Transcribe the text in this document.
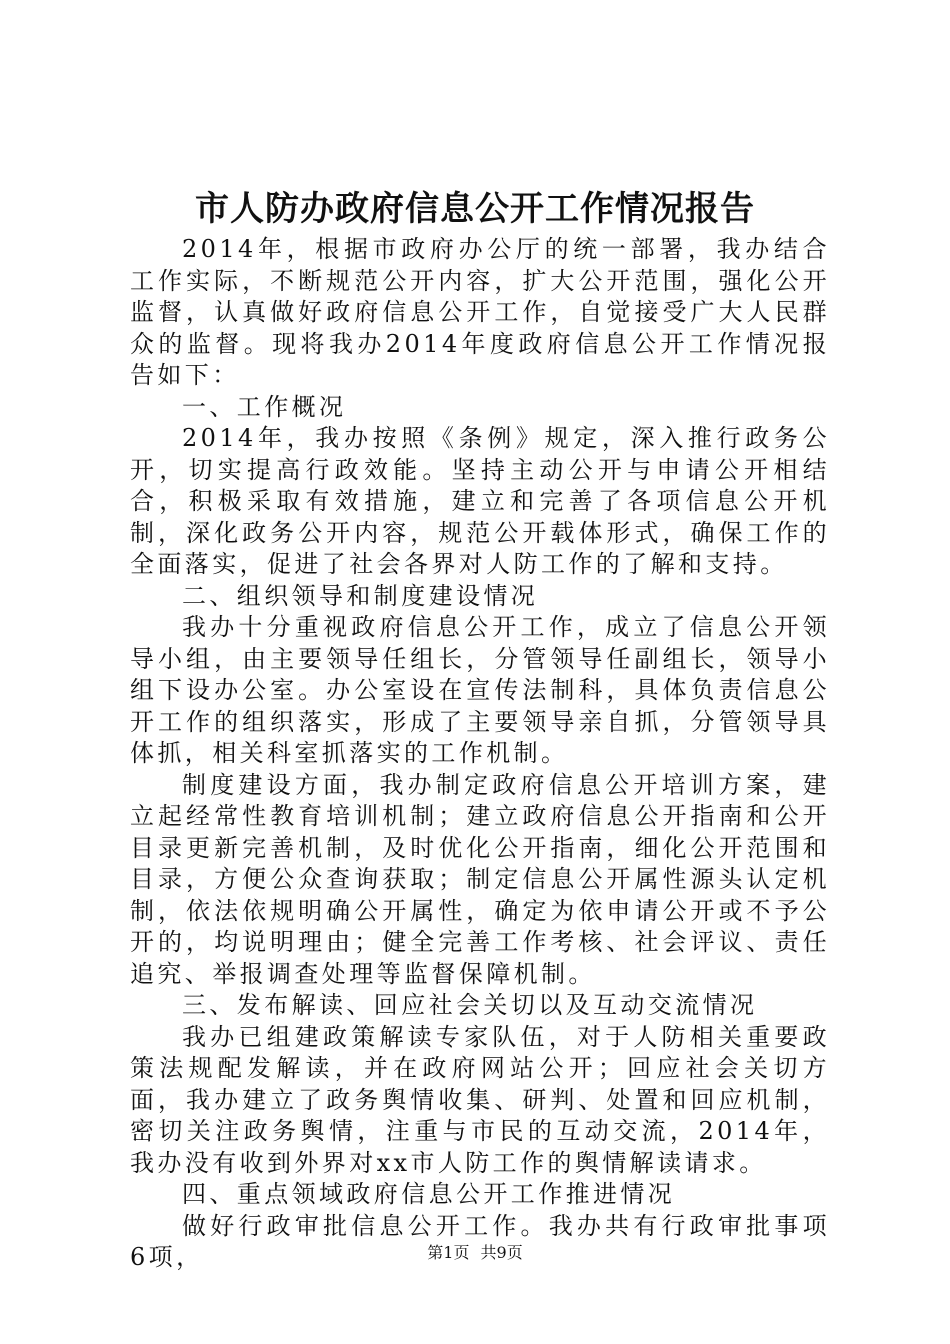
市人防办政府信息公开工作情况报告

2014年，根据市政府办公厅的统一部署，我办结合工作实际，不断规范公开内容，扩大公开范围，强化公开监督，认真做好政府信息公开工作，自觉接受广大人民群众的监督。现将我办2014年度政府信息公开工作情况报告如下：

一、工作概况

2014年，我办按照《条例》规定，深入推行政务公开，切实提高行政效能。坚持主动公开与申请公开相结合，积极采取有效措施，建立和完善了各项信息公开机制，深化政务公开内容，规范公开载体形式，确保工作的全面落实，促进了社会各界对人防工作的了解和支持。

二、组织领导和制度建设情况

我办十分重视政府信息公开工作，成立了信息公开领导小组，由主要领导任组长，分管领导任副组长，领导小组下设办公室。办公室设在宣传法制科，具体负责信息公开工作的组织落实，形成了主要领导亲自抓，分管领导具体抓，相关科室抓落实的工作机制。

制度建设方面，我办制定政府信息公开培训方案，建立起经常性教育培训机制；建立政府信息公开指南和公开目录更新完善机制，及时优化公开指南，细化公开范围和目录，方便公众查询获取；制定信息公开属性源头认定机制，依法依规明确公开属性，确定为依申请公开或不予公开的，均说明理由；健全完善工作考核、社会评议、责任追究、举报调查处理等监督保障机制。

三、发布解读、回应社会关切以及互动交流情况

我办已组建政策解读专家队伍，对于人防相关重要政策法规配发解读，并在政府网站公开；回应社会关切方面，我办建立了政务舆情收集、研判、处置和回应机制，密切关注政务舆情，注重与市民的互动交流，2014年，我办没有收到外界对xx市人防工作的舆情解读请求。

四、重点领域政府信息公开工作推进情况

做好行政审批信息公开工作。我办共有行政审批事项6项，	第1页 共9页
